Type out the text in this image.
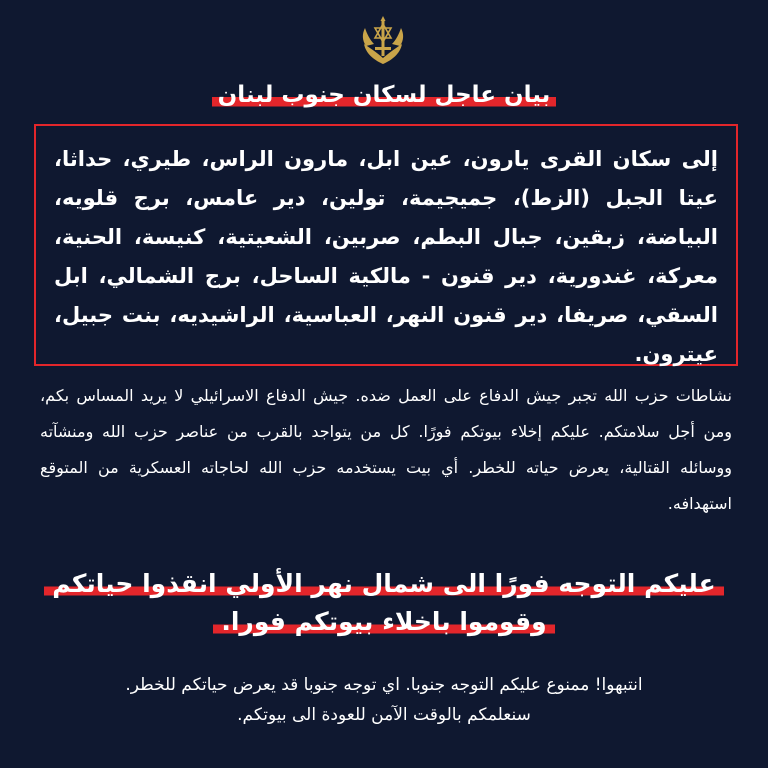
بيان عاجل لسكان جنوب لبنان

إلى سكان القرى يارون، عين ابل، مارون الراس، طيري، حداثا، عيتا الجبل (الزط)، جميجيمة، تولين، دير عامس، برج قلويه، البياضة، زبقين، جبال البطم، صربين، الشعيتية، كنيسة، الحنية، معركة، غندورية، دير قنون - مالكية الساحل، برج الشمالي، ابل السقي، صريفا، دير قنون النهر، العباسية، الراشيديه، بنت جبيل، عيترون.

نشاطات حزب الله تجبر جيش الدفاع على العمل ضده. جيش الدفاع الاسرائيلي لا يريد المساس بكم، ومن أجل سلامتكم. عليكم إخلاء بيوتكم فورًا. كل من يتواجد بالقرب من عناصر حزب الله ومنشآته ووسائله القتالية، يعرض حياته للخطر. أي بيت يستخدمه حزب الله لحاجاته العسكرية من المتوقع استهدافه.

عليكم التوجه فورًا الى شمال نهر الأولي انقذوا حياتكم
وقوموا باخلاء بيوتكم فورا.

انتبهوا! ممنوع عليكم التوجه جنوبا. اي توجه جنوبا قد يعرض حياتكم للخطر.

سنعلمكم بالوقت الآمن للعودة الى بيوتكم.
